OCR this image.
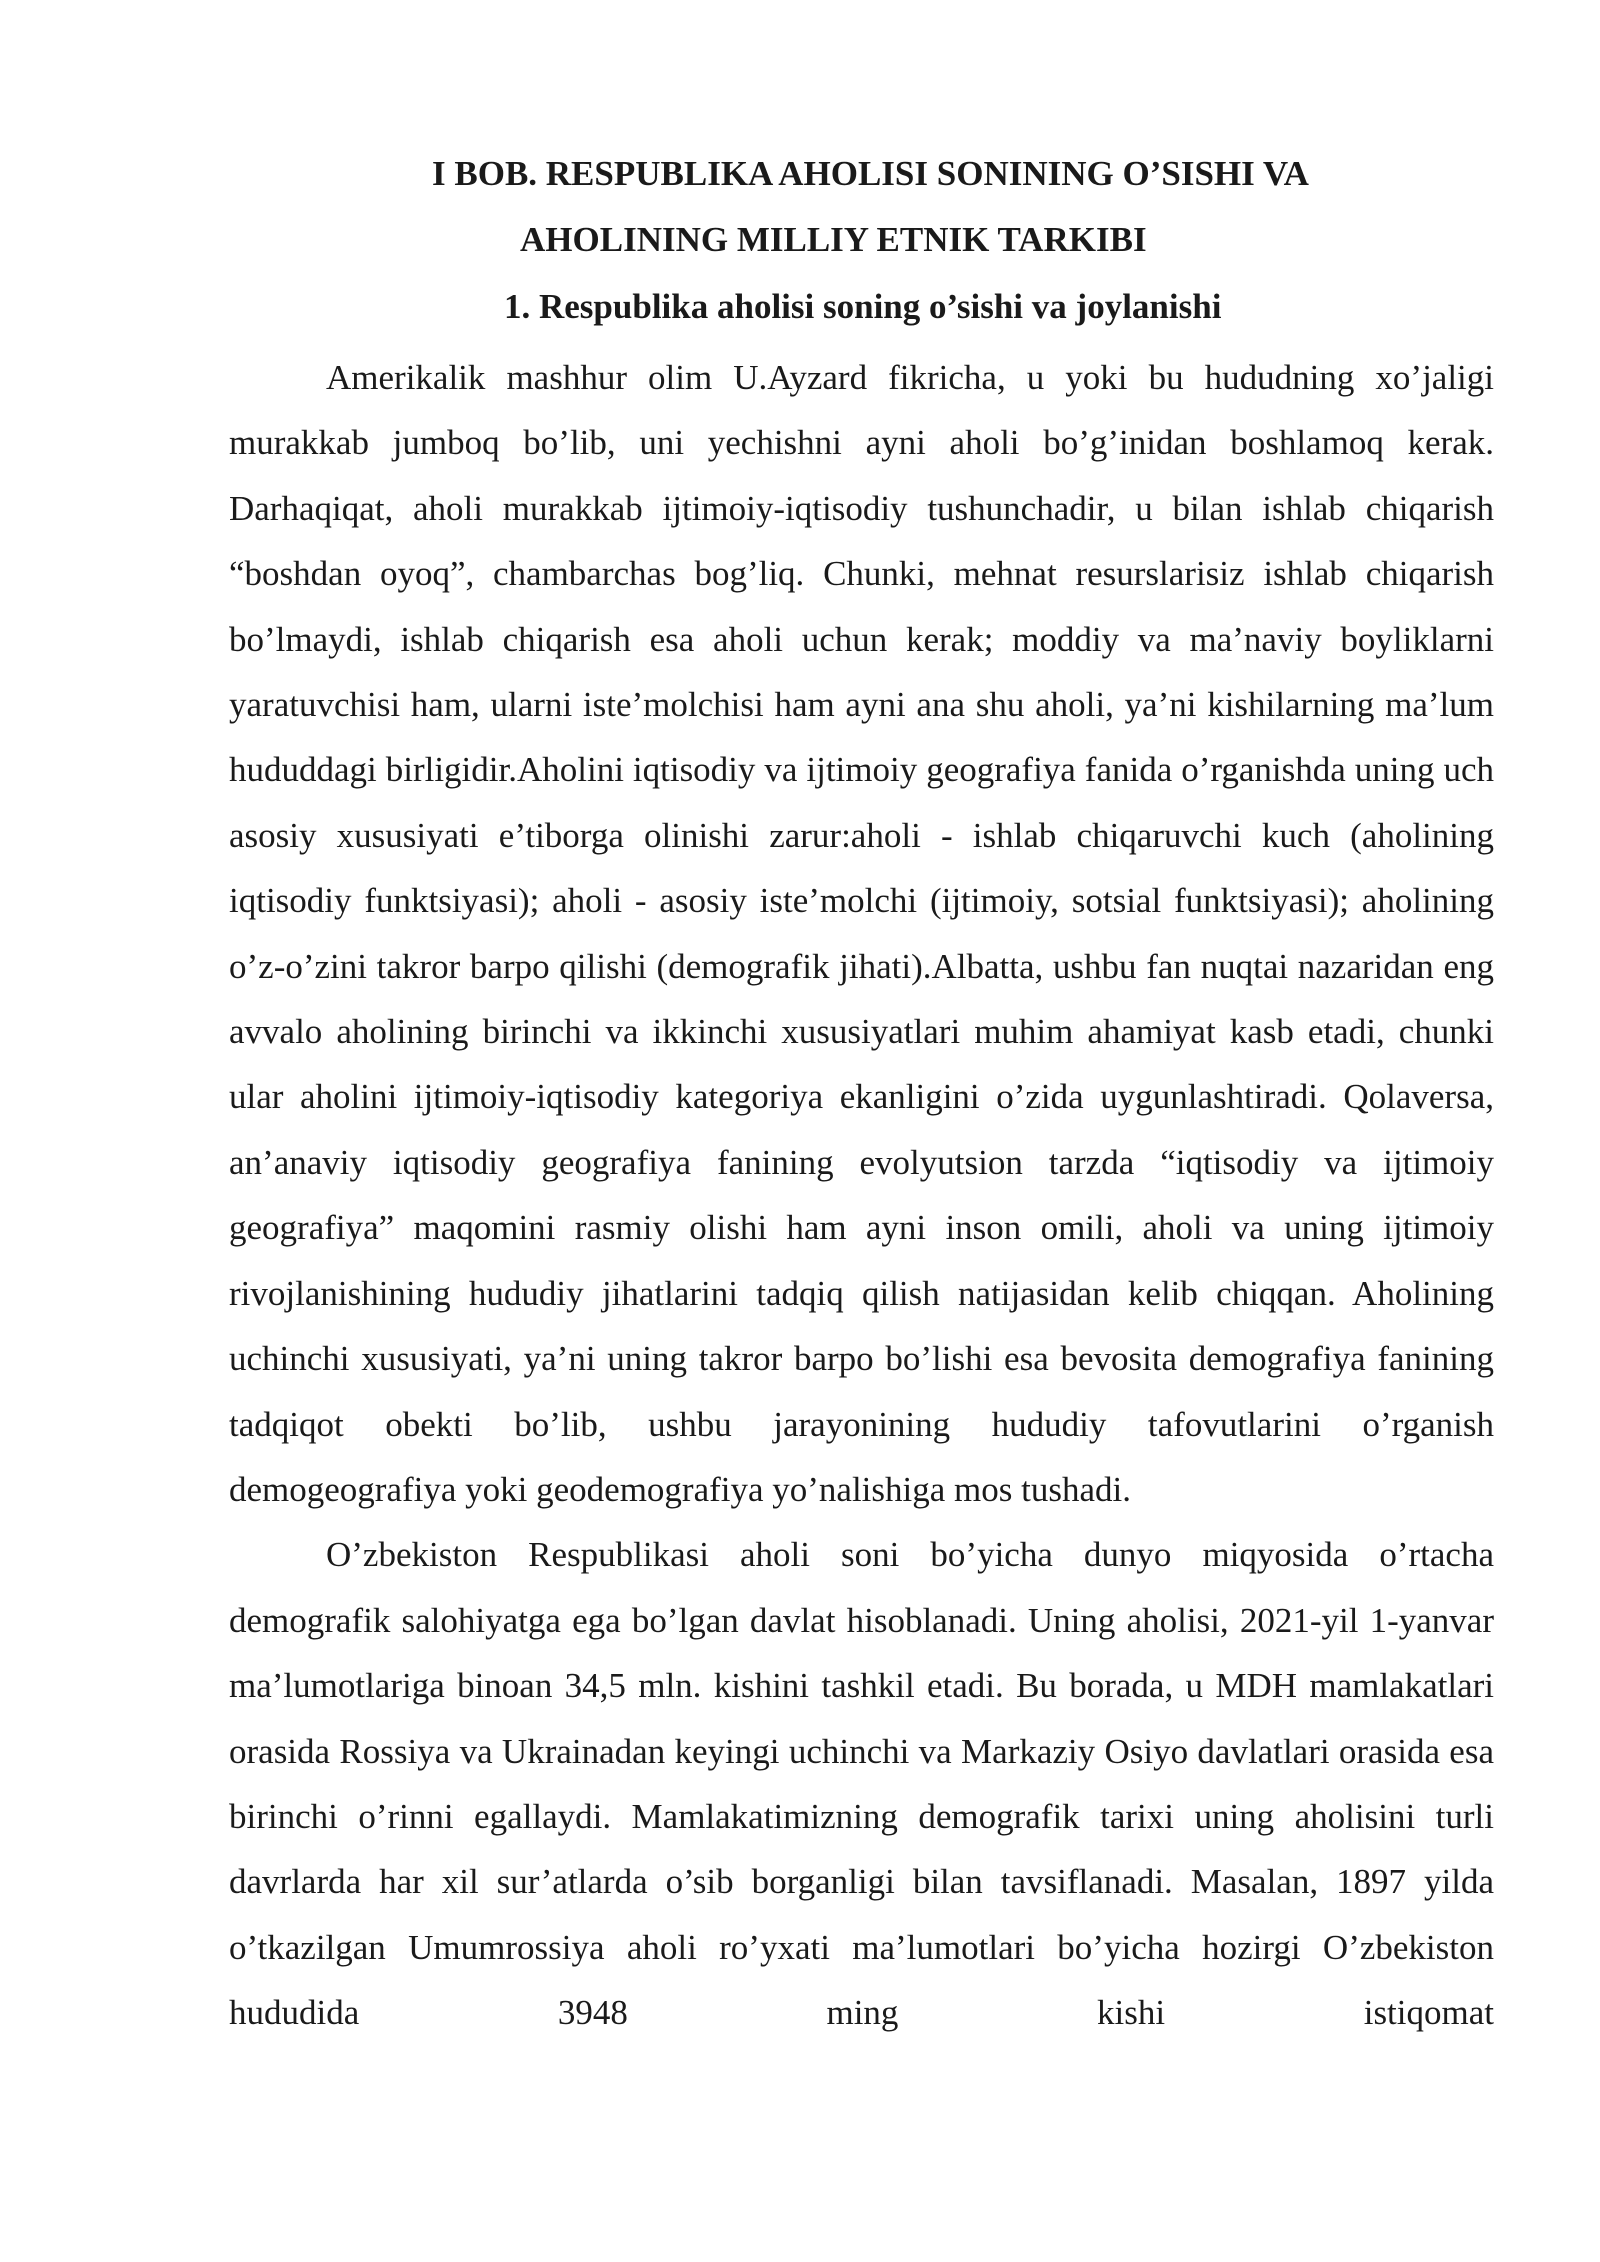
I BOB. RESPUBLIKA AHOLISI SONINING O’SISHI VA
AHOLINING MILLIY ETNIK TARKIBI
1. Respublika aholisi soning o’sishi va joylanishi

Amerikalik mashhur olim U.Ayzard fikricha, u yoki bu hududning xo’jaligi murakkab jumboq bo’lib, uni yechishni ayni aholi bo’g’inidan boshlamoq kerak. Darhaqiqat, aholi murakkab ijtimoiy-iqtisodiy tushunchadir, u bilan ishlab chiqarish “boshdan oyoq”, chambarchas bog’liq. Chunki, mehnat resurslarisiz ishlab chiqarish bo’lmaydi, ishlab chiqarish esa aholi uchun kerak; moddiy va ma’naviy boyliklarni yaratuvchisi ham, ularni iste’molchisi ham ayni ana shu aholi, ya’ni kishilarning ma’lum hududdagi birligidir.Aholini iqtisodiy va ijtimoiy geografiya fanida o’rganishda uning uch asosiy xususiyati e’tiborga olinishi zarur:aholi - ishlab chiqaruvchi kuch (aholining iqtisodiy funktsiyasi); aholi - asosiy iste’molchi (ijtimoiy, sotsial funktsiyasi); aholining o’z-o’zini takror barpo qilishi (demografik jihati).Albatta, ushbu fan nuqtai nazaridan eng avvalo aholining birinchi va ikkinchi xususiyatlari muhim ahamiyat kasb etadi, chunki ular aholini ijtimoiy-iqtisodiy kategoriya ekanligini o’zida uygunlashtiradi. Qolaversa, an’anaviy iqtisodiy geografiya fanining evolyutsion tarzda “iqtisodiy va ijtimoiy geografiya” maqomini rasmiy olishi ham ayni inson omili, aholi va uning ijtimoiy rivojlanishining hududiy jihatlarini tadqiq qilish natijasidan kelib chiqqan. Aholining uchinchi xususiyati, ya’ni uning takror barpo bo’lishi esa bevosita demografiya fanining tadqiqot obekti bo’lib, ushbu jarayonining hududiy tafovutlarini o’rganish demogeografiya yoki geodemografiya yo’nalishiga mos tushadi.

O’zbekiston Respublikasi aholi soni bo’yicha dunyo miqyosida o’rtacha demografik salohiyatga ega bo’lgan davlat hisoblanadi. Uning aholisi, 2021-yil 1-yanvar ma’lumotlariga binoan 34,5 mln. kishini tashkil etadi. Bu borada, u MDH mamlakatlari orasida Rossiya va Ukrainadan keyingi uchinchi va Markaziy Osiyo davlatlari orasida esa birinchi o’rinni egallaydi. Mamlakatimizning demografik tarixi uning aholisini turli davrlarda har xil sur’atlarda o’sib borganligi bilan tavsiflanadi. Masalan, 1897 yilda o’tkazilgan Umumrossiya aholi ro’yxati ma’lumotlari bo’yicha hozirgi O’zbekiston hududida 3948 ming kishi istiqomat
